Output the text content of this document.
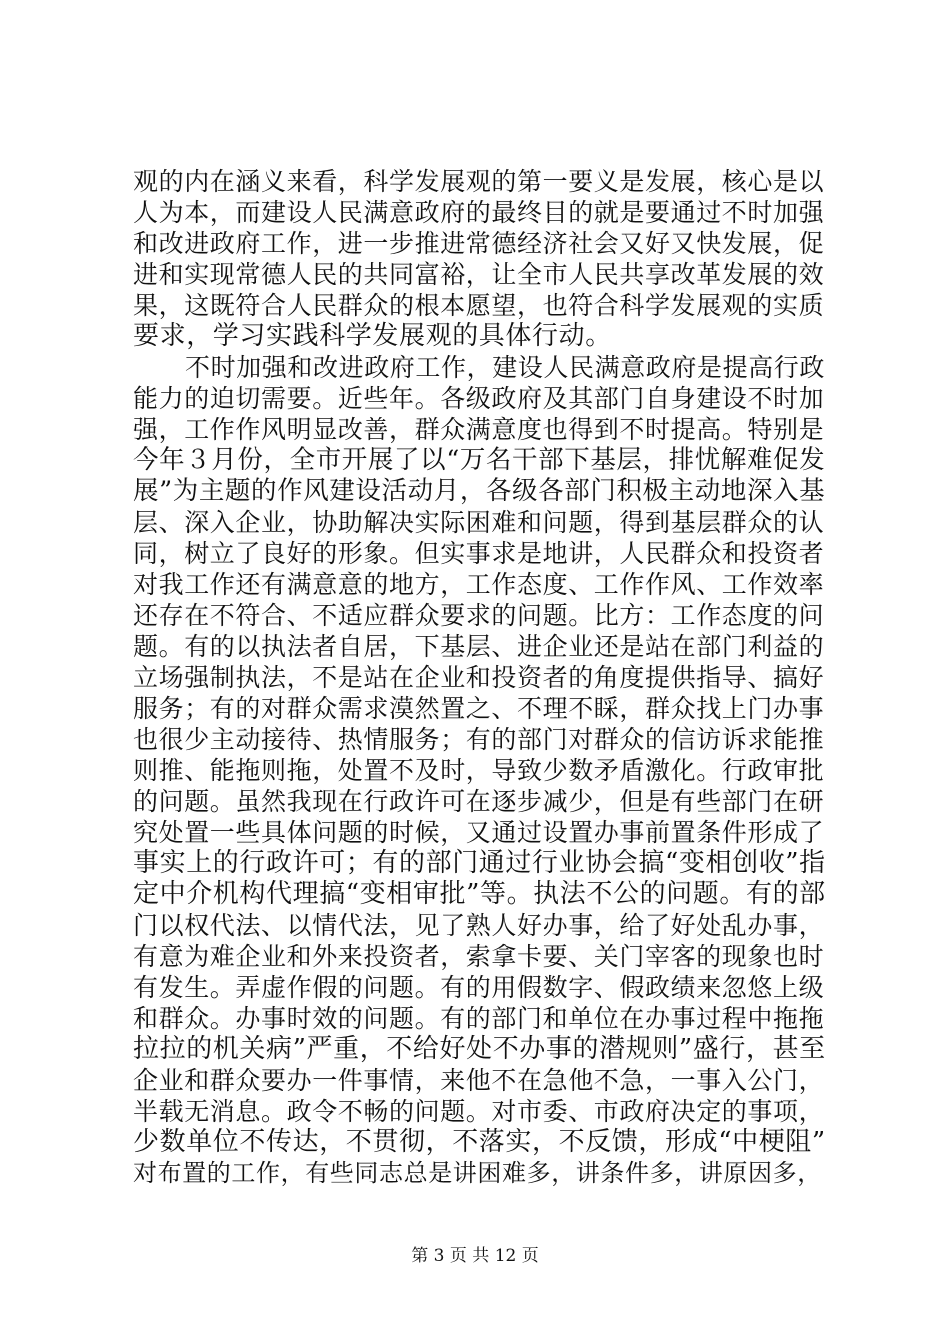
观的内在涵义来看，科学发展观的第一要义是发展，核心是以
人为本，而建设人民满意政府的最终目的就是要通过不时加强
和改进政府工作，进一步推进常德经济社会又好又快发展，促
进和实现常德人民的共同富裕，让全市人民共享改革发展的效
果，这既符合人民群众的根本愿望，也符合科学发展观的实质
要求，学习实践科学发展观的具体行动。
不时加强和改进政府工作，建设人民满意政府是提高行政
能力的迫切需要。近些年。各级政府及其部门自身建设不时加
强，工作作风明显改善，群众满意度也得到不时提高。特别是
今年３月份，全市开展了以“万名干部下基层，排忧解难促发
展”为主题的作风建设活动月，各级各部门积极主动地深入基
层、深入企业，协助解决实际困难和问题，得到基层群众的认
同，树立了良好的形象。但实事求是地讲，人民群众和投资者
对我工作还有满意意的地方，工作态度、工作作风、工作效率
还存在不符合、不适应群众要求的问题。比方：工作态度的问
题。有的以执法者自居，下基层、进企业还是站在部门利益的
立场强制执法，不是站在企业和投资者的角度提供指导、搞好
服务；有的对群众需求漠然置之、不理不睬，群众找上门办事
也很少主动接待、热情服务；有的部门对群众的信访诉求能推
则推、能拖则拖，处置不及时，导致少数矛盾激化。行政审批
的问题。虽然我现在行政许可在逐步减少，但是有些部门在研
究处置一些具体问题的时候，又通过设置办事前置条件形成了
事实上的行政许可；有的部门通过行业协会搞“变相创收”指
定中介机构代理搞“变相审批”等。执法不公的问题。有的部
门以权代法、以情代法，见了熟人好办事，给了好处乱办事，
有意为难企业和外来投资者，索拿卡要、关门宰客的现象也时
有发生。弄虚作假的问题。有的用假数字、假政绩来忽悠上级
和群众。办事时效的问题。有的部门和单位在办事过程中拖拖
拉拉的机关病”严重，不给好处不办事的潜规则”盛行，甚至
企业和群众要办一件事情，来他不在急他不急，一事入公门，
半载无消息。政令不畅的问题。对市委、市政府决定的事项，
少数单位不传达，不贯彻，不落实，不反馈，形成“中梗阻”
对布置的工作，有些同志总是讲困难多，讲条件多，讲原因多，
第 3 页 共 12 页
